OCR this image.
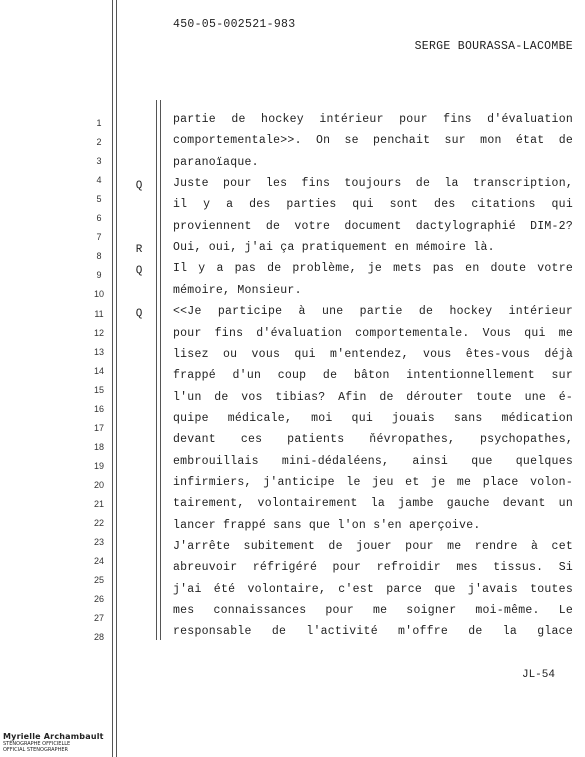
450-05-002521-983
SERGE BOURASSA-LACOMBE
1
2
3
4
5
6
7
8
9
10
11
12
13
14
15
16
17
18
19
20
21
22
23
24
25
26
27
28
partie de hockey intérieur pour fins d'évaluation
comportementale>>. On se penchait sur mon état de
paranoïaque.
Q	Juste pour les fins toujours de la transcription,
il y a des parties qui sont des citations qui
proviennent de votre document dactylographié DIM-2?
R	Oui, oui, j'ai ça pratiquement en mémoire là.
Q	Il y a pas de problème, je mets pas en doute votre
mémoire, Monsieur.
Q	<<Je participe à une partie de hockey intérieur
pour fins d'évaluation comportementale. Vous qui me
lisez ou vous qui m'entendez, vous êtes-vous déjà
frappé d'un coup de bâton intentionnellement sur
l'un de vos tibias? Afin de dérouter toute une é-
quipe médicale, moi qui jouais sans médication
devant ces patients ňévropathes, psychopathes,
embrouillais mini-dédaléens, ainsi que quelques
infirmiers, j'anticipe le jeu et je me place volon-
tairement, volontairement la jambe gauche devant un
lancer frappé sans que l'on s'en aperçoive.
J'arrête subitement de jouer pour me rendre à cet
abreuvoir réfrigéré pour refroidir mes tissus. Si
j'ai été volontaire, c'est parce que j'avais toutes
mes connaissances pour me soigner moi-même. Le
responsable de l'activité m'offre de la glace
JL-54
Myrielle Archambault
STÉNOGRAPHE OFFICIELLE
OFFICIAL STENOGRAPHER
